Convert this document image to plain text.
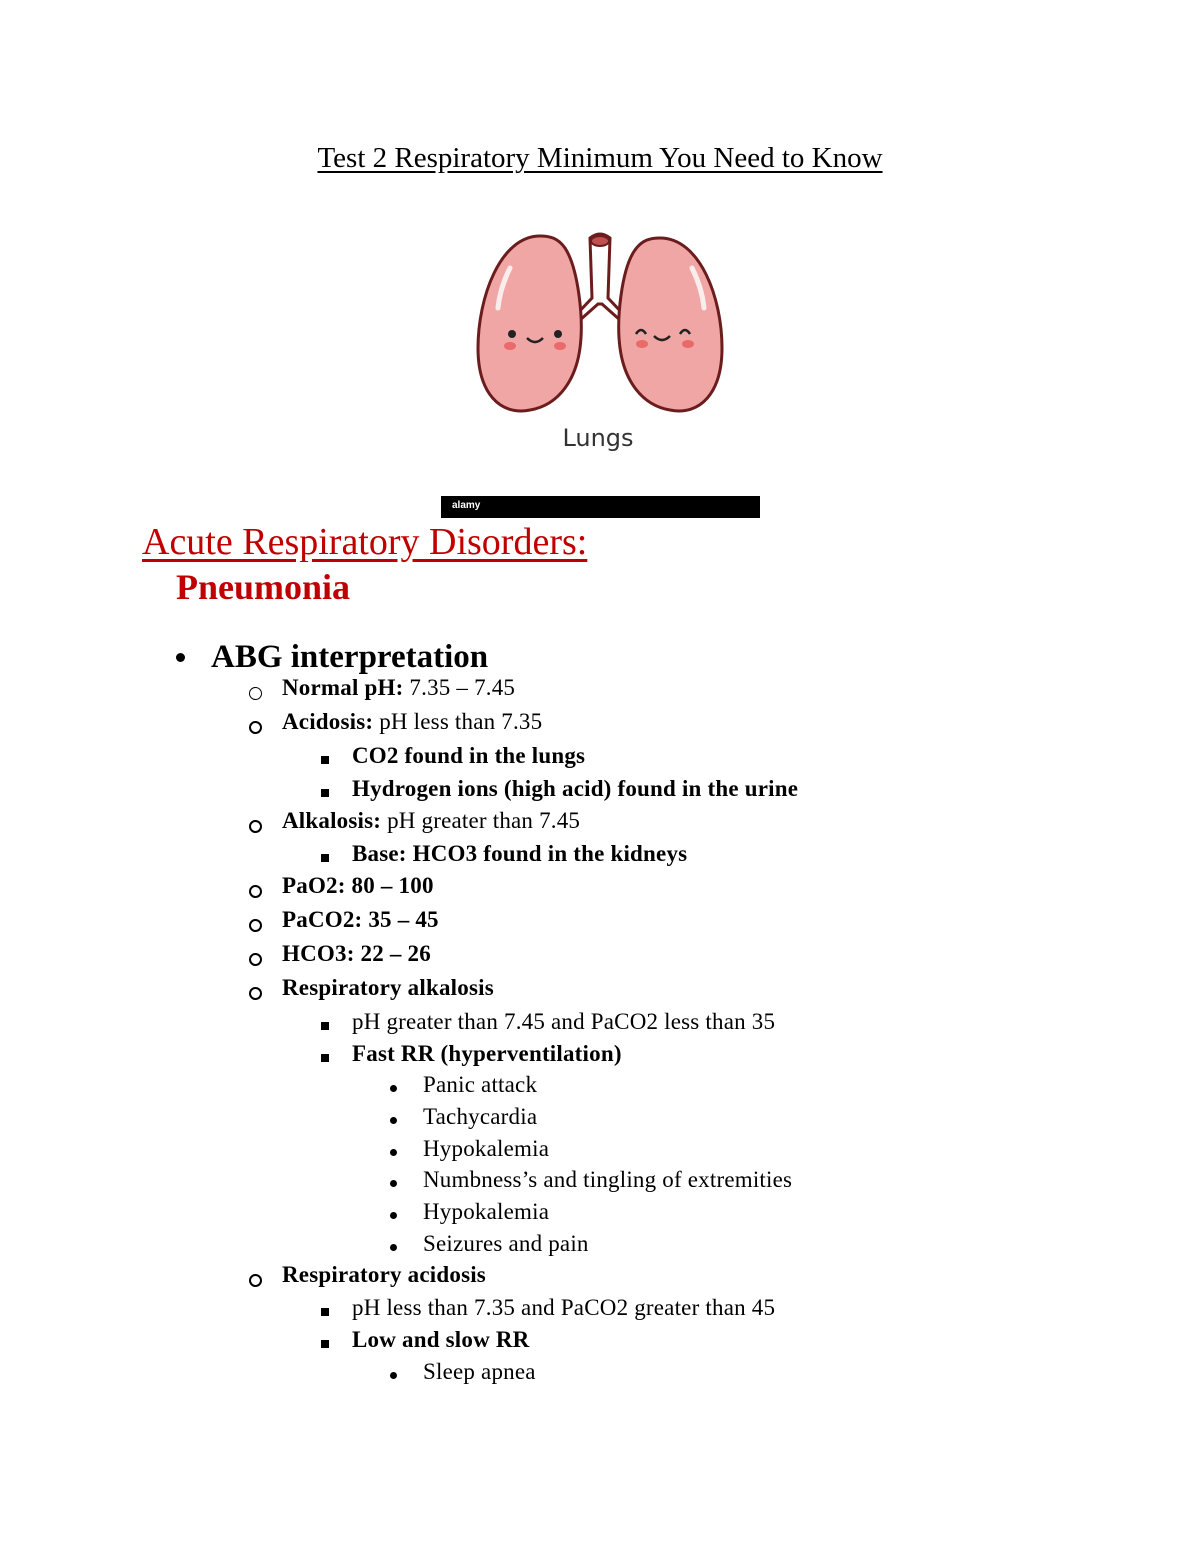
Test 2 Respiratory Minimum You Need to Know
Lungs
alamy
Acute Respiratory Disorders:
Pneumonia
ABG interpretation
Normal pH: 7.35 – 7.45
Acidosis: pH less than 7.35
CO2 found in the lungs
Hydrogen ions (high acid) found in the urine
Alkalosis: pH greater than 7.45
Base: HCO3 found in the kidneys
PaO2: 80 – 100
PaCO2: 35 – 45
HCO3: 22 – 26
Respiratory alkalosis
pH greater than 7.45 and PaCO2 less than 35
Fast RR (hyperventilation)
Panic attack
Tachycardia
Hypokalemia
Numbness’s and tingling of extremities
Hypokalemia
Seizures and pain
Respiratory acidosis
pH less than 7.35 and PaCO2 greater than 45
Low and slow RR
Sleep apnea
